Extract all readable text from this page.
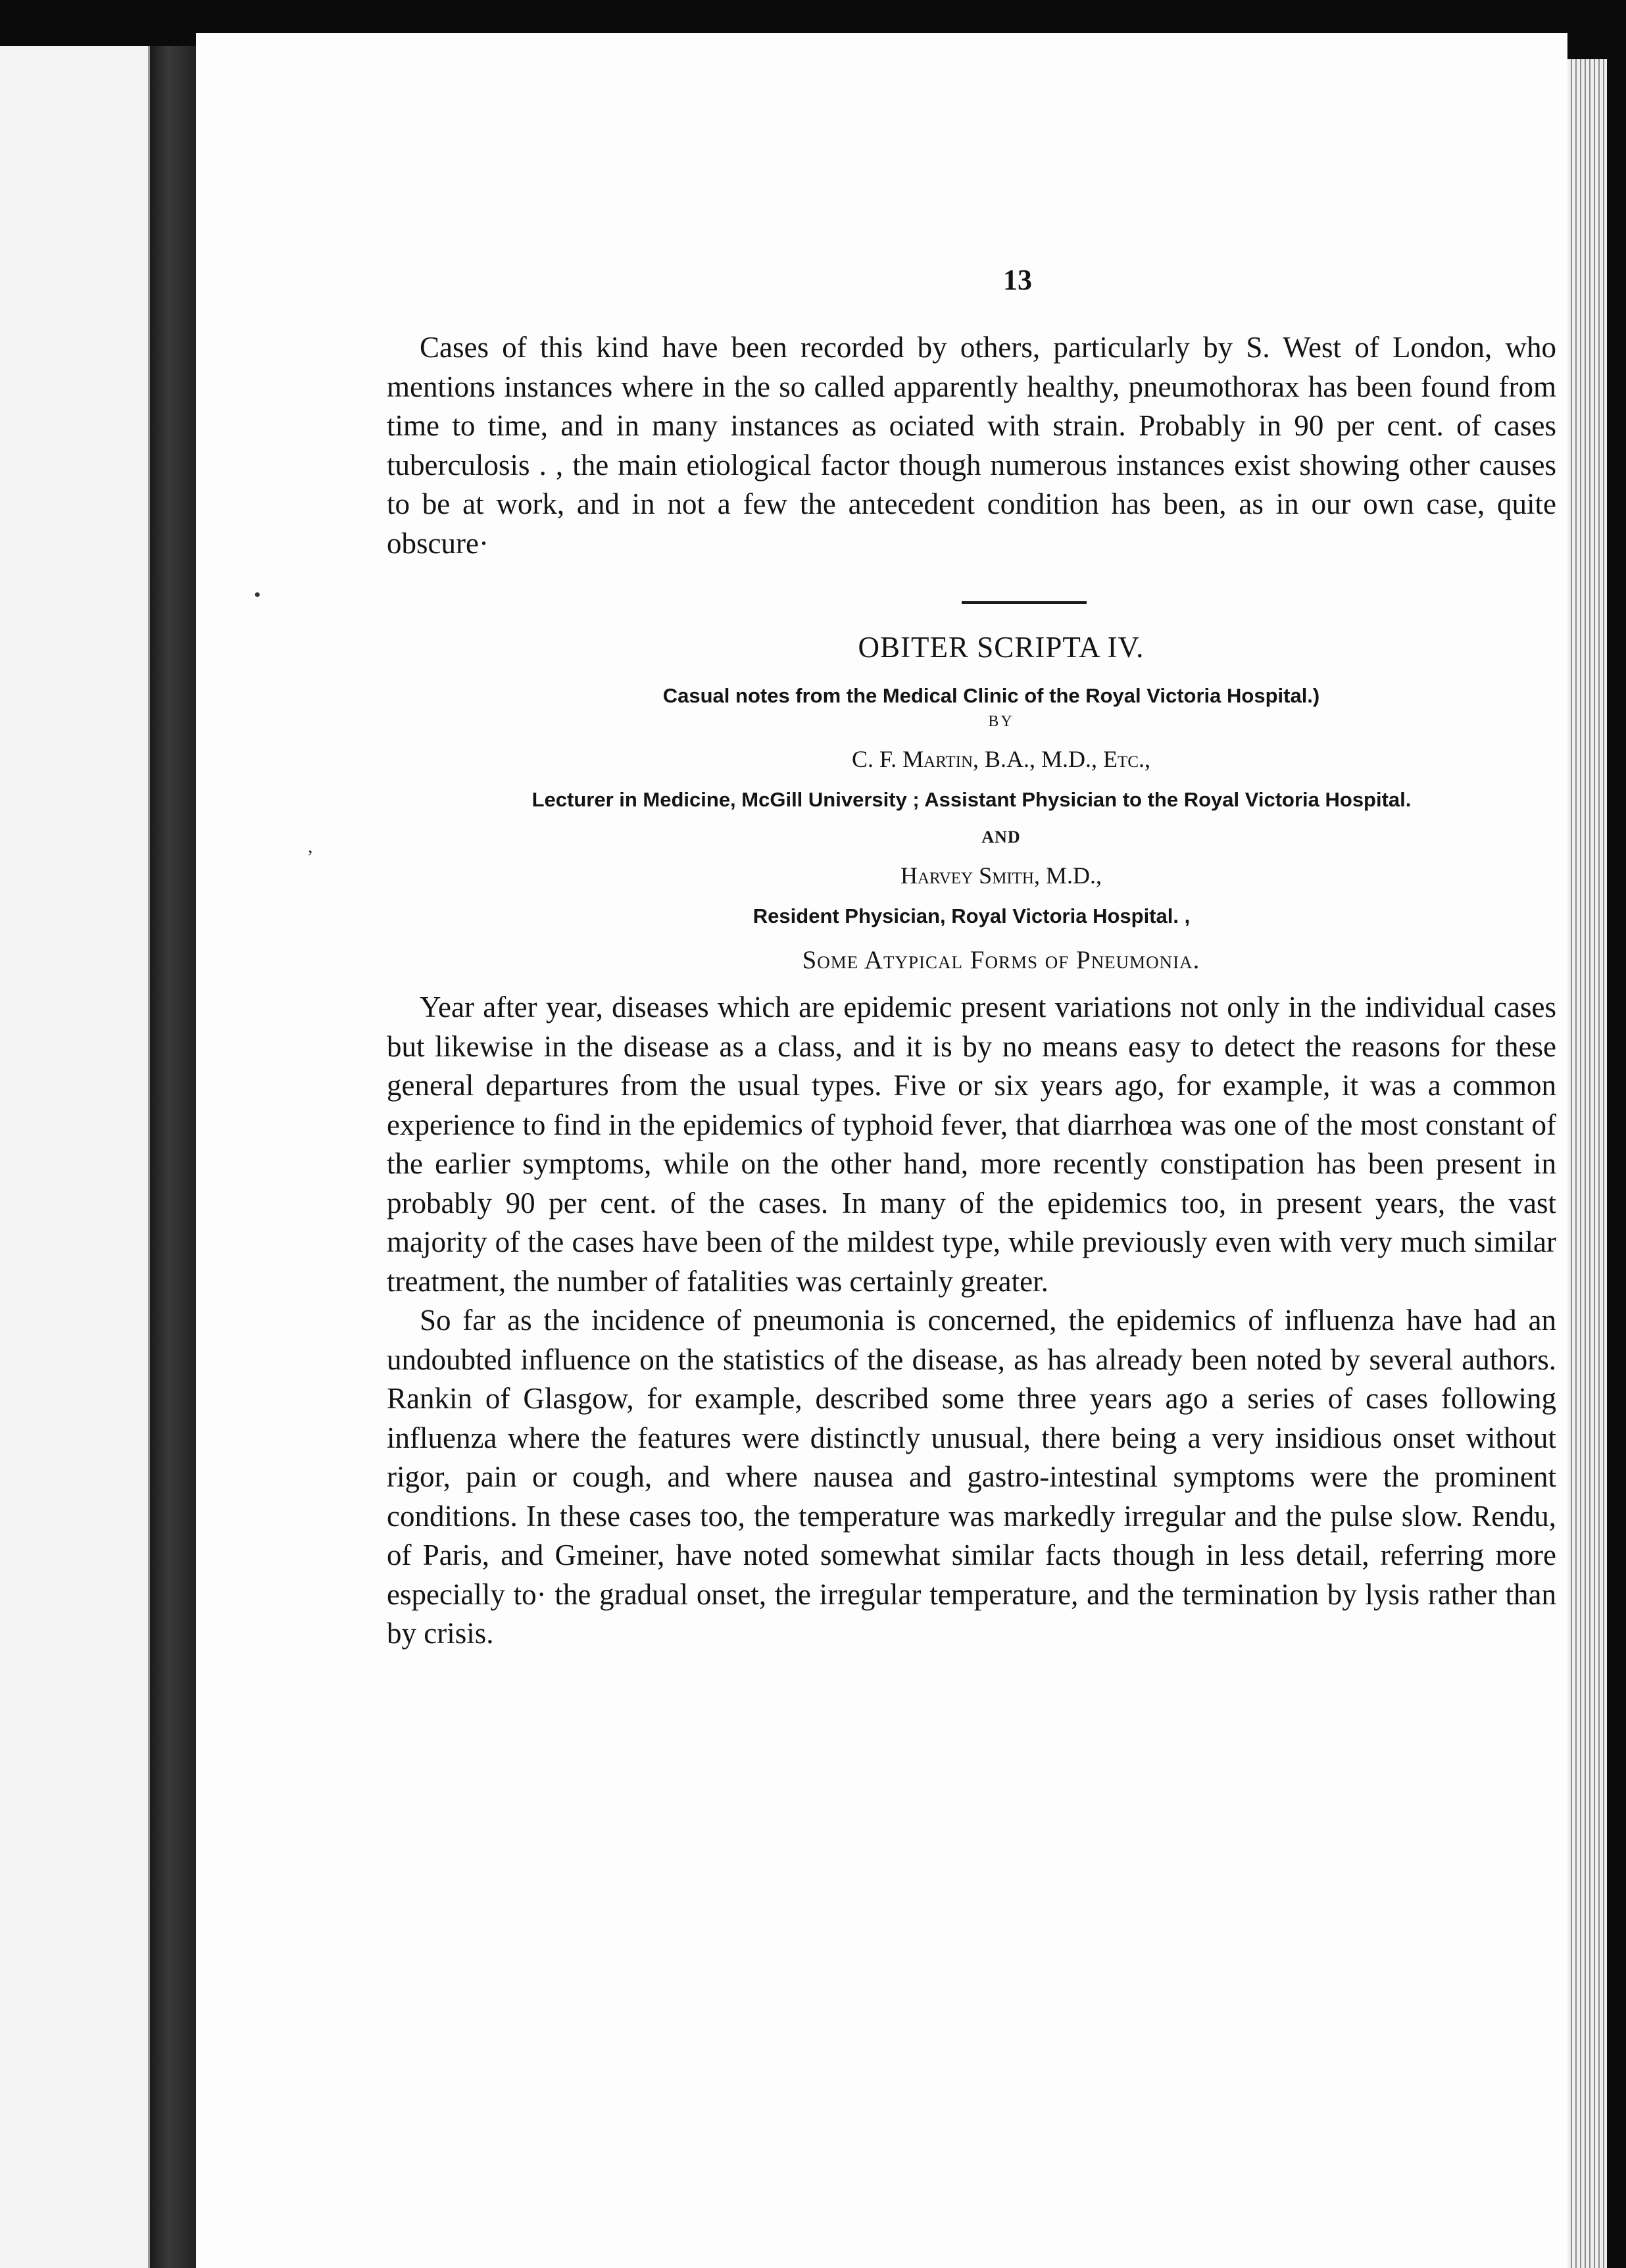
•
,
ʾ
13

Cases of this kind have been recorded by others, particularly by S. West of London, who mentions instances where in the so called apparently healthy, pneumothorax has been found from time to time, and in many instances as ociated with strain. Probably in 90 per cent. of cases tuberculosis . , the main etiological factor though numerous instances exist showing other causes to be at work, and in not a few the antecedent condition has been, as in our own case, quite obscure·

OBITER SCRIPTA IV.
Casual notes from the Medical Clinic of the Royal Victoria Hospital.)
BY
C. F. Martin, B.A., M.D., Etc.,
Lecturer in Medicine, McGill University ; Assistant Physician to the Royal Victoria Hospital.
AND
Harvey Smith, M.D.,
Resident Physician, Royal Victoria Hospital. ,
Some Atypical Forms of Pneumonia.

Year after year, diseases which are epidemic present variations not only in the individual cases but likewise in the disease as a class, and it is by no means easy to detect the reasons for these general departures from the usual types. Five or six years ago, for example, it was a common experience to find in the epidemics of typhoid fever, that diarrhœa was one of the most constant of the earlier symptoms, while on the other hand, more recently constipation has been present in probably 90 per cent. of the cases. In many of the epidemics too, in present years, the vast majority of the cases have been of the mildest type, while previously even with very much similar treatment, the number of fatalities was certainly greater.

So far as the incidence of pneumonia is concerned, the epidemics of influenza have had an undoubted influence on the statistics of the disease, as has already been noted by several authors. Rankin of Glasgow, for example, described some three years ago a series of cases following influenza where the features were distinctly unusual, there being a very insidious onset without rigor, pain or cough, and where nausea and gastro-intestinal symptoms were the prominent conditions. In these cases too, the temperature was markedly irregular and the pulse slow. Rendu, of Paris, and Gmeiner, have noted somewhat similar facts though in less detail, referring more especially to· the gradual onset, the irregular temperature, and the termination by lysis rather than by crisis.
